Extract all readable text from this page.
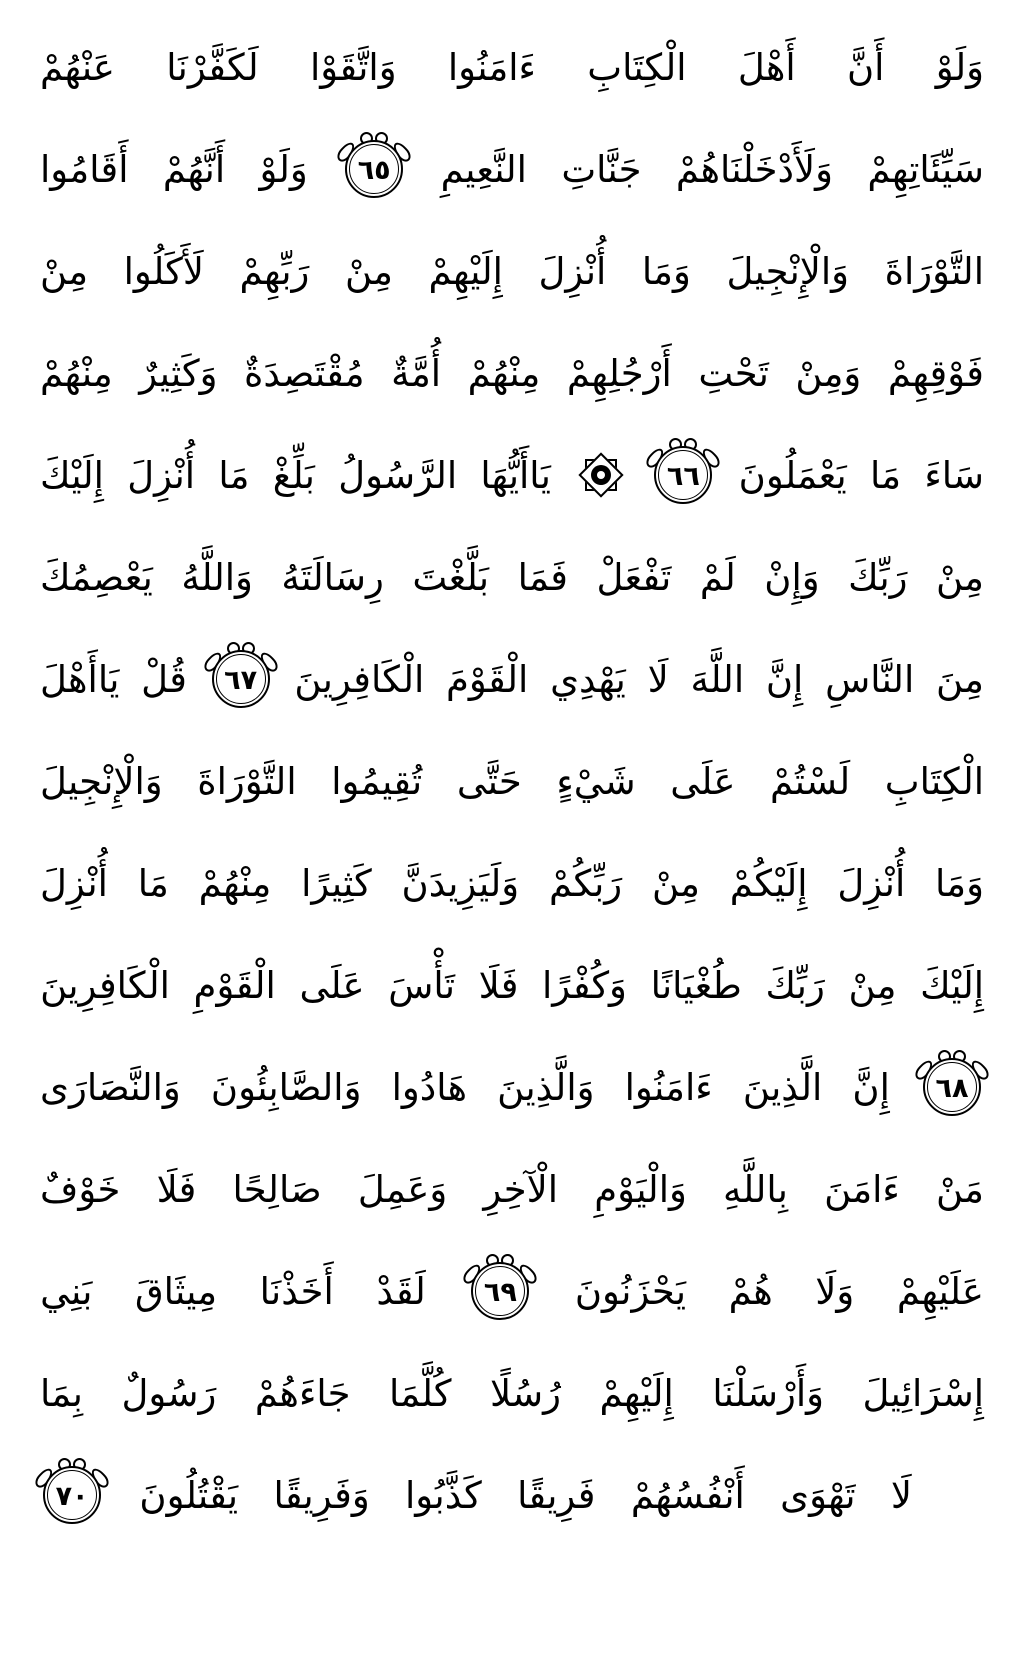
وَلَوْ
أَنَّ
أَهْلَ
الْكِتَابِ
ءَامَنُوا
وَاتَّقَوْا
لَكَفَّرْنَا
عَنْهُمْ
سَيِّئَاتِهِمْ
وَلَأَدْخَلْنَاهُمْ
جَنَّاتِ
النَّعِيمِ
٦٥
وَلَوْ
أَنَّهُمْ
أَقَامُوا
التَّوْرَاةَ
وَالْإِنْجِيلَ
وَمَا
أُنْزِلَ
إِلَيْهِمْ
مِنْ
رَبِّهِمْ
لَأَكَلُوا
مِنْ
فَوْقِهِمْ
وَمِنْ
تَحْتِ
أَرْجُلِهِمْ
مِنْهُمْ
أُمَّةٌ
مُقْتَصِدَةٌ
وَكَثِيرٌ
مِنْهُمْ
سَاءَ
مَا
يَعْمَلُونَ
٦٦
يَاأَيُّهَا
الرَّسُولُ
بَلِّغْ
مَا
أُنْزِلَ
إِلَيْكَ
مِنْ
رَبِّكَ
وَإِنْ
لَمْ
تَفْعَلْ
فَمَا
بَلَّغْتَ
رِسَالَتَهُ
وَاللَّهُ
يَعْصِمُكَ
مِنَ
النَّاسِ
إِنَّ
اللَّهَ
لَا
يَهْدِي
الْقَوْمَ
الْكَافِرِينَ
٦٧
قُلْ
يَاأَهْلَ
الْكِتَابِ
لَسْتُمْ
عَلَى
شَيْءٍ
حَتَّى
تُقِيمُوا
التَّوْرَاةَ
وَالْإِنْجِيلَ
وَمَا
أُنْزِلَ
إِلَيْكُمْ
مِنْ
رَبِّكُمْ
وَلَيَزِيدَنَّ
كَثِيرًا
مِنْهُمْ
مَا
أُنْزِلَ
إِلَيْكَ
مِنْ
رَبِّكَ
طُغْيَانًا
وَكُفْرًا
فَلَا
تَأْسَ
عَلَى
الْقَوْمِ
الْكَافِرِينَ
٦٨
إِنَّ
الَّذِينَ
ءَامَنُوا
وَالَّذِينَ
هَادُوا
وَالصَّابِئُونَ
وَالنَّصَارَى
مَنْ
ءَامَنَ
بِاللَّهِ
وَالْيَوْمِ
الْآخِرِ
وَعَمِلَ
صَالِحًا
فَلَا
خَوْفٌ
عَلَيْهِمْ
وَلَا
هُمْ
يَحْزَنُونَ
٦٩
لَقَدْ
أَخَذْنَا
مِيثَاقَ
بَنِي
إِسْرَائِيلَ
وَأَرْسَلْنَا
إِلَيْهِمْ
رُسُلًا
كُلَّمَا
جَاءَهُمْ
رَسُولٌ
بِمَا
لَا
تَهْوَى
أَنْفُسُهُمْ
فَرِيقًا
كَذَّبُوا
وَفَرِيقًا
يَقْتُلُونَ
٧٠
